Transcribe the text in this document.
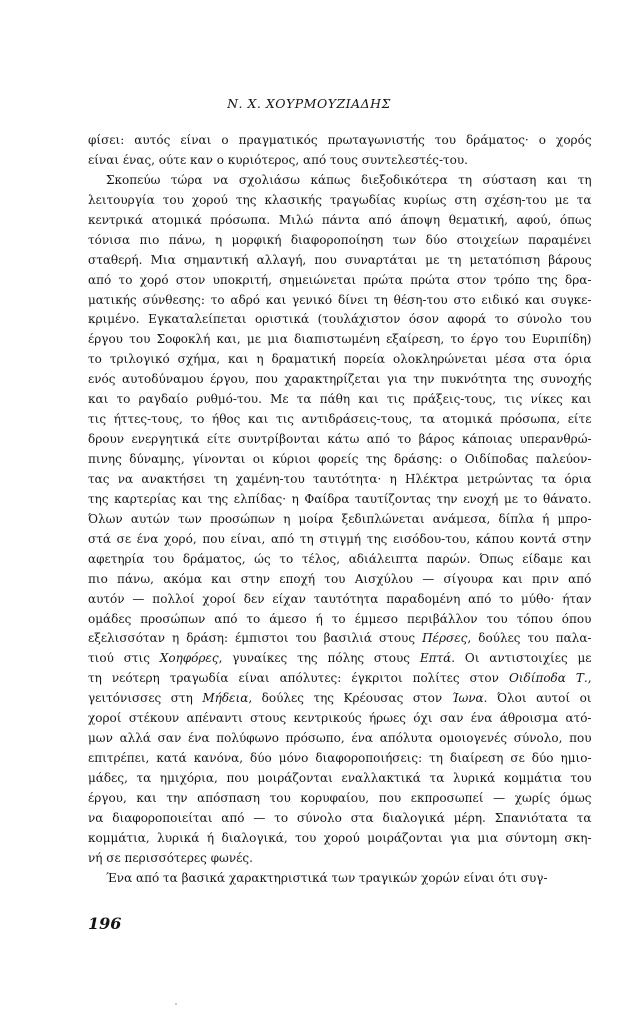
Ν. Χ. ΧΟΥΡΜΟΥΖΙΑΔΗΣ
φίσει: αυτός είναι ο πραγματικός πρωταγωνιστής του δράματος· ο χορός
είναι ένας, ούτε καν ο κυριότερος, από τους συντελεστές-του.
Σκοπεύω τώρα να σχολιάσω κάπως διεξοδικότερα τη σύσταση και τη
λειτουργία του χορού της κλασικής τραγωδίας κυρίως στη σχέση-του με τα
κεντρικά ατομικά πρόσωπα. Μιλώ πάντα από άποψη θεματική, αφού, όπως
τόνισα πιο πάνω, η μορφική διαφοροποίηση των δύο στοιχείων παραμένει
σταθερή. Μια σημαντική αλλαγή, που συναρτάται με τη μετατόπιση βάρους
από το χορό στον υποκριτή, σημειώνεται πρώτα πρώτα στον τρόπο της δρα-
ματικής σύνθεσης: το αδρό και γενικό δίνει τη θέση-του στο ειδικό και συγκε-
κριμένο. Εγκαταλείπεται οριστικά (τουλάχιστον όσον αφορά το σύνολο του
έργου του Σοφοκλή και, με μια διαπιστωμένη εξαίρεση, το έργο του Ευριπίδη)
το τριλογικό σχήμα, και η δραματική πορεία ολοκληρώνεται μέσα στα όρια
ενός αυτοδύναμου έργου, που χαρακτηρίζεται για την πυκνότητα της συνοχής
και το ραγδαίο ρυθμό-του. Με τα πάθη και τις πράξεις-τους, τις νίκες και
τις ήττες-τους, το ήθος και τις αντιδράσεις-τους, τα ατομικά πρόσωπα, είτε
δρουν ενεργητικά είτε συντρίβονται κάτω από το βάρος κάποιας υπερανθρώ-
πινης δύναμης, γίνονται οι κύριοι φορείς της δράσης: ο Οιδίποδας παλεύον-
τας να ανακτήσει τη χαμένη-του ταυτότητα· η Ηλέκτρα μετρώντας τα όρια
της καρτερίας και της ελπίδας· η Φαίδρα ταυτίζοντας την ενοχή με το θάνατο.
Όλων αυτών των προσώπων η μοίρα ξεδιπλώνεται ανάμεσα, δίπλα ή μπρο-
στά σε ένα χορό, που είναι, από τη στιγμή της εισόδου-του, κάπου κοντά στην
αφετηρία του δράματος, ώς το τέλος, αδιάλειπτα παρών. Όπως είδαμε και
πιο πάνω, ακόμα και στην εποχή του Αισχύλου — σίγουρα και πριν από
αυτόν — πολλοί χοροί δεν είχαν ταυτότητα παραδομένη από το μύθο· ήταν
ομάδες προσώπων από το άμεσο ή το έμμεσο περιβάλλον του τόπου όπου
εξελισσόταν η δράση: έμπιστοι του βασιλιά στους Πέρσες, δούλες του παλα-
τιού στις Χοηφόρες, γυναίκες της πόλης στους Επτά. Οι αντιστοιχίες με
τη νεότερη τραγωδία είναι απόλυτες: έγκριτοι πολίτες στον Οιδίποδα Τ.,
γειτόνισσες στη Μήδεια, δούλες της Κρέουσας στον Ίωνα. Όλοι αυτοί οι
χοροί στέκουν απέναντι στους κεντρικούς ήρωες όχι σαν ένα άθροισμα ατό-
μων αλλά σαν ένα πολύφωνο πρόσωπο, ένα απόλυτα ομοιογενές σύνολο, που
επιτρέπει, κατά κανόνα, δύο μόνο διαφοροποιήσεις: τη διαίρεση σε δύο ημιο-
μάδες, τα ημιχόρια, που μοιράζονται εναλλακτικά τα λυρικά κομμάτια του
έργου, και την απόσπαση του κορυφαίου, που εκπροσωπεί — χωρίς όμως
να διαφοροποιείται από — το σύνολο στα διαλογικά μέρη. Σπανιότατα τα
κομμάτια, λυρικά ή διαλογικά, του χορού μοιράζονται για μια σύντομη σκη-
νή σε περισσότερες φωνές.
Ένα από τα βασικά χαρακτηριστικά των τραγικών χορών είναι ότι συγ-
196
